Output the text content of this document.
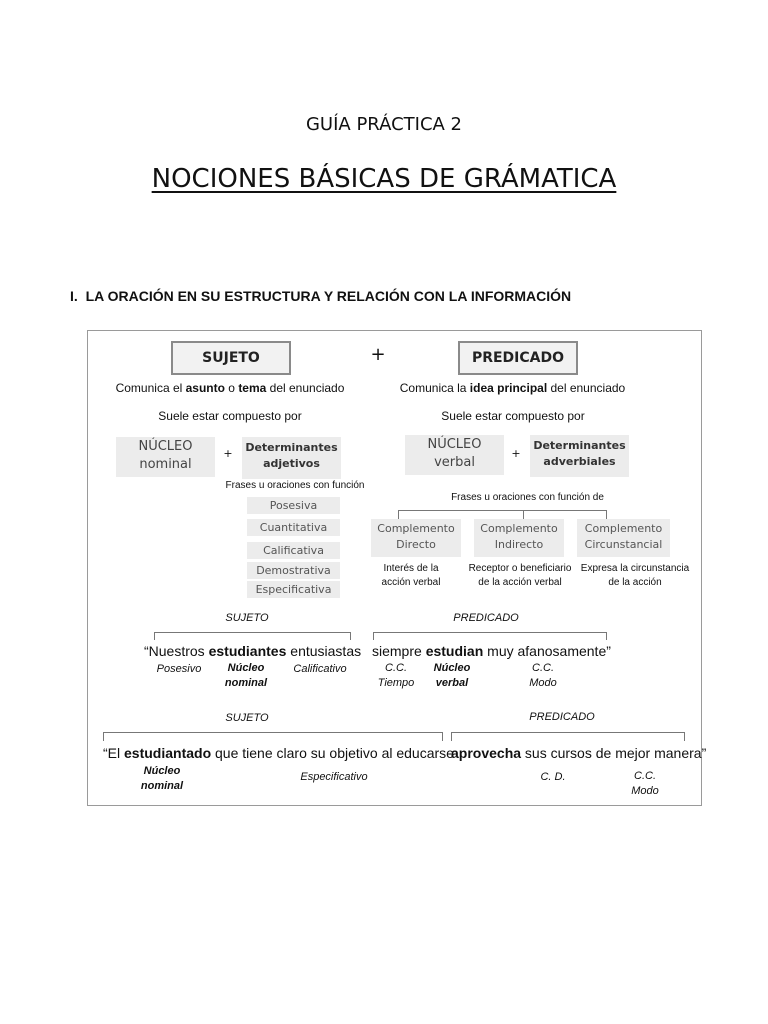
GUÍA PRÁCTICA 2
NOCIONES BÁSICAS DE GRÁMATICA
I. LA ORACIÓN EN SU ESTRUCTURA Y RELACIÓN CON LA INFORMACIÓN
SUJETO	+	PREDICADO
Comunica el asunto o tema del enunciado	Comunica la idea principal del enunciado
Suele estar compuesto por	Suele estar compuesto por
NÚCLEO
nominal
+	Determinantes
adjetivos
NÚCLEO
verbal
+
Determinantes
adverbiales
Frases u oraciones con función
Posesiva
Cuantitativa
Calificativa
Demostrativa
Especificativa
Frases u oraciones con función de
Complemento
Directo
Complemento
Indirecto
Complemento
Circunstancial
Interés de la
acción verbal
Receptor o beneficiario
de la acción verbal
Expresa la circunstancia
de la acción
SUJETO	PREDICADO
“Nuestros estudiantes entusiastas siempre estudian muy afanosamente”
Posesivo	Núcleo
nominal
Calificativo	C.C.
Tiempo
Núcleo
verbal
C.C.
Modo
SUJETO	PREDICADO
“El estudiantado que tiene claro su objetivo al educarse
aprovecha sus cursos de mejor manera”
Núcleo
nominal
Especificativo	C. D.	C.C.
Modo
